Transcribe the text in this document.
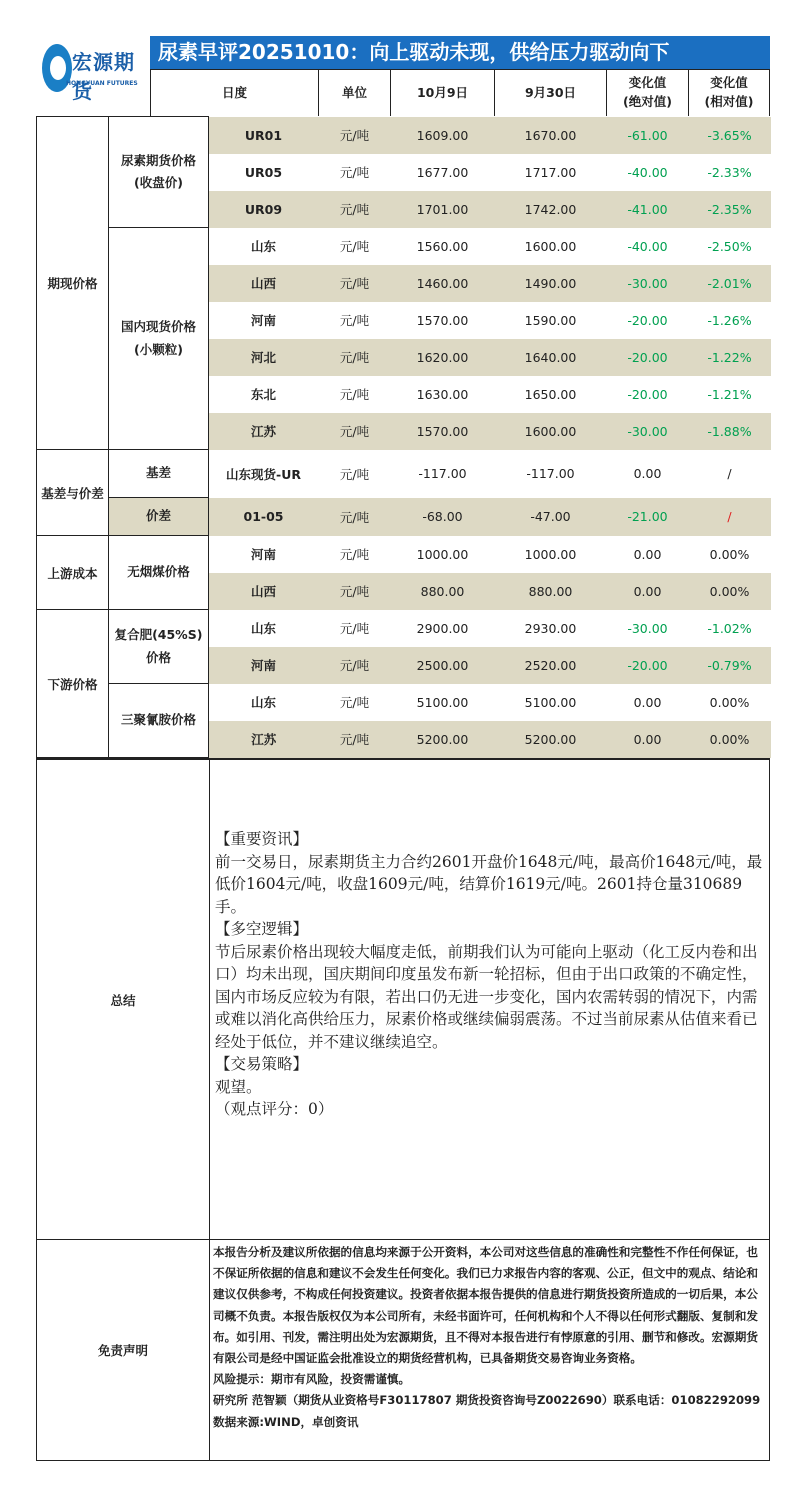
宏源期货
HONGYUAN FUTURES
尿素早评20251010：向上驱动未现，供给压力驱动向下
日度	单位	10月9日	9月30日
变化值
(绝对值)
变化值
(相对值)
期现价格	尿素期货价格
(收盘价)	UR01	元/吨	1609.00	1670.00	-61.00	-3.65%
		UR05	元/吨	1677.00	1717.00	-40.00	-2.33%
		UR09	元/吨	1701.00	1742.00	-41.00	-2.35%
	国内现货价格
(小颗粒)	山东	元/吨	1560.00	1600.00	-40.00	-2.50%
		山西	元/吨	1460.00	1490.00	-30.00	-2.01%
		河南	元/吨	1570.00	1590.00	-20.00	-1.26%
		河北	元/吨	1620.00	1640.00	-20.00	-1.22%
		东北	元/吨	1630.00	1650.00	-20.00	-1.21%
		江苏	元/吨	1570.00	1600.00	-30.00	-1.88%
基差与价差	基差	山东现货-UR	元/吨	-117.00	-117.00	0.00	/
	价差	01-05	元/吨	-68.00	-47.00	-21.00	/
上游成本	无烟煤价格	河南	元/吨	1000.00	1000.00	0.00	0.00%
		山西	元/吨	880.00	880.00	0.00	0.00%
下游价格	复合肥(45%S)
价格	山东	元/吨	2900.00	2930.00	-30.00	-1.02%
		河南	元/吨	2500.00	2520.00	-20.00	-0.79%
	三聚氰胺价格	山东	元/吨	5100.00	5100.00	0.00	0.00%
		江苏	元/吨	5200.00	5200.00	0.00	0.00%
总结

【重要资讯】

前一交易日，尿素期货主力合约2601开盘价1648元/吨，最高价1648元/吨，最低价1604元/吨，收盘1609元/吨，结算价1619元/吨。2601持仓量310689手。

【多空逻辑】

节后尿素价格出现较大幅度走低，前期我们认为可能向上驱动（化工反内卷和出口）均未出现，国庆期间印度虽发布新一轮招标，但由于出口政策的不确定性，国内市场反应较为有限，若出口仍无进一步变化，国内农需转弱的情况下，内需或难以消化高供给压力，尿素价格或继续偏弱震荡。不过当前尿素从估值来看已经处于低位，并不建议继续追空。

【交易策略】

观望。

（观点评分：0）

免责声明

本报告分析及建议所依据的信息均来源于公开资料，本公司对这些信息的准确性和完整性不作任何保证，也不保证所依据的信息和建议不会发生任何变化。我们已力求报告内容的客观、公正，但文中的观点、结论和建议仅供参考，不构成任何投资建议。投资者依据本报告提供的信息进行期货投资所造成的一切后果，本公司概不负责。本报告版权仅为本公司所有，未经书面许可，任何机构和个人不得以任何形式翻版、复制和发布。如引用、刊发，需注明出处为宏源期货，且不得对本报告进行有悖原意的引用、删节和修改。宏源期货有限公司是经中国证监会批准设立的期货经营机构，已具备期货交易咨询业务资格。

风险提示：期市有风险，投资需谨慎。

研究所 范智颖（期货从业资格号F30117807 期货投资咨询号Z0022690）联系电话：01082292099 数据来源:WIND，卓创资讯
